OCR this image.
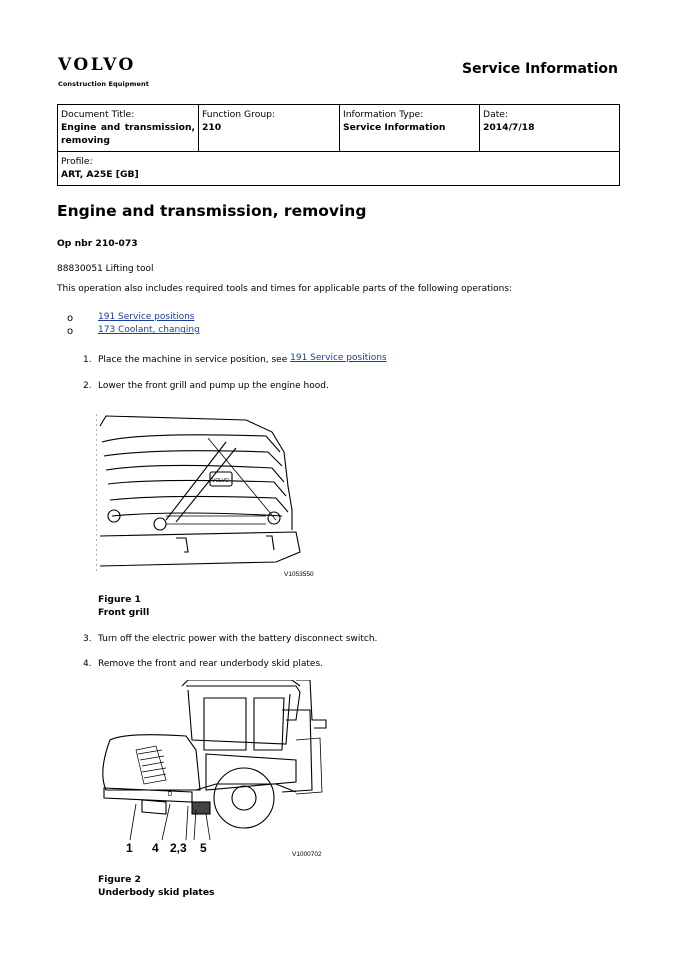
VOLVO
Construction Equipment
Service Information
Document Title:
Engine and transmission,
removing

Function Group:
210

Information Type:
Service Information

Date:
2014/7/18

Profile:
ART, A25E [GB]
Engine and transmission, removing
Op nbr 210-073
88830051 Lifting tool
This operation also includes required tools and times for applicable parts of the following operations:
o	191 Service positions
o	173 Coolant, changing
1. Place the machine in service position, see 191 Service positions
2. Lower the front grill and pump up the engine hood.
VOLVO
V1053550
Figure 1
Front grill
3. Turn off the electric power with the battery disconnect switch.
4. Remove the front and rear underbody skid plates.
D
1 4 2,3 5	V1000702
Figure 2
Underbody skid plates
